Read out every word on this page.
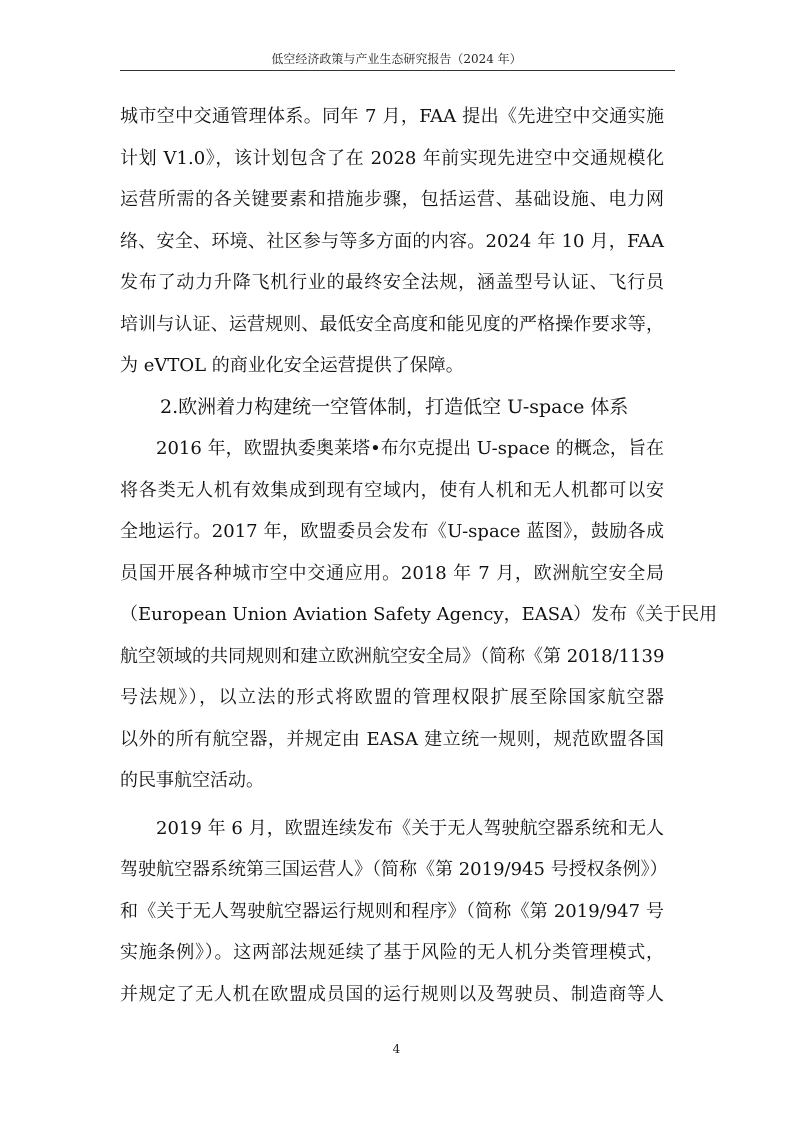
低空经济政策与产业生态研究报告（2024 年）
城市空中交通管理体系。同年 7 月，FAA 提出《先进空中交通实施
计划 V1.0》，该计划包含了在 2028 年前实现先进空中交通规模化
运营所需的各关键要素和措施步骤，包括运营、基础设施、电力网
络、安全、环境、社区参与等多方面的内容。2024 年 10 月，FAA
发布了动力升降飞机行业的最终安全法规，涵盖型号认证、飞行员
培训与认证、运营规则、最低安全高度和能见度的严格操作要求等，
为 eVTOL 的商业化安全运营提供了保障。
2.欧洲着力构建统一空管体制，打造低空 U-space 体系
2016 年，欧盟执委奥莱塔•布尔克提出 U-space 的概念，旨在
将各类无人机有效集成到现有空域内，使有人机和无人机都可以安
全地运行。2017 年，欧盟委员会发布《U-space 蓝图》，鼓励各成
员国开展各种城市空中交通应用。2018 年 7 月，欧洲航空安全局
（European Union Aviation Safety Agency，EASA）发布《关于民用
航空领域的共同规则和建立欧洲航空安全局》（简称《第 2018/1139
号法规》），以立法的形式将欧盟的管理权限扩展至除国家航空器
以外的所有航空器，并规定由 EASA 建立统一规则，规范欧盟各国
的民事航空活动。
2019 年 6 月，欧盟连续发布《关于无人驾驶航空器系统和无人
驾驶航空器系统第三国运营人》（简称《第 2019/945 号授权条例》）
和《关于无人驾驶航空器运行规则和程序》（简称《第 2019/947 号
实施条例》）。这两部法规延续了基于风险的无人机分类管理模式，
并规定了无人机在欧盟成员国的运行规则以及驾驶员、制造商等人
4
